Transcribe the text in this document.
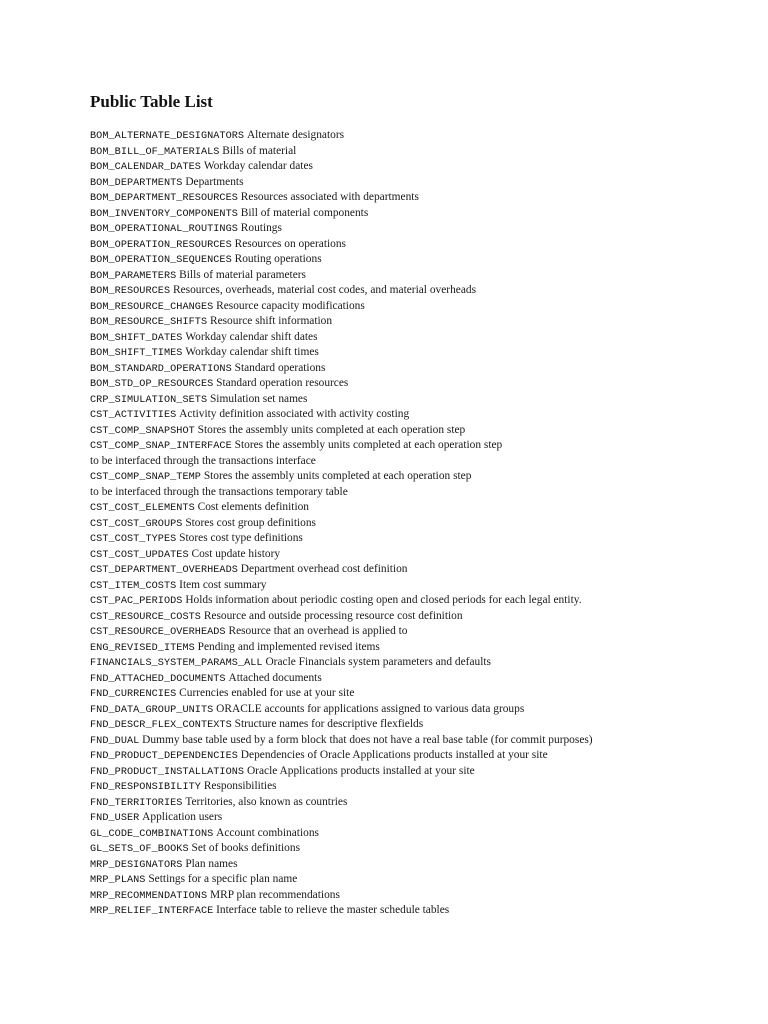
Public Table List
BOM_ALTERNATE_DESIGNATORS Alternate designators
BOM_BILL_OF_MATERIALS Bills of material
BOM_CALENDAR_DATES Workday calendar dates
BOM_DEPARTMENTS Departments
BOM_DEPARTMENT_RESOURCES Resources associated with departments
BOM_INVENTORY_COMPONENTS Bill of material components
BOM_OPERATIONAL_ROUTINGS Routings
BOM_OPERATION_RESOURCES Resources on operations
BOM_OPERATION_SEQUENCES Routing operations
BOM_PARAMETERS Bills of material parameters
BOM_RESOURCES Resources, overheads, material cost codes, and material overheads
BOM_RESOURCE_CHANGES Resource capacity modifications
BOM_RESOURCE_SHIFTS Resource shift information
BOM_SHIFT_DATES Workday calendar shift dates
BOM_SHIFT_TIMES Workday calendar shift times
BOM_STANDARD_OPERATIONS Standard operations
BOM_STD_OP_RESOURCES Standard operation resources
CRP_SIMULATION_SETS Simulation set names
CST_ACTIVITIES Activity definition associated with activity costing
CST_COMP_SNAPSHOT Stores the assembly units completed at each operation step
CST_COMP_SNAP_INTERFACE Stores the assembly units completed at each operation step
to be interfaced through the transactions interface
CST_COMP_SNAP_TEMP Stores the assembly units completed at each operation step
to be interfaced through the transactions temporary table
CST_COST_ELEMENTS Cost elements definition
CST_COST_GROUPS Stores cost group definitions
CST_COST_TYPES Stores cost type definitions
CST_COST_UPDATES Cost update history
CST_DEPARTMENT_OVERHEADS Department overhead cost definition
CST_ITEM_COSTS Item cost summary
CST_PAC_PERIODS Holds information about periodic costing open and closed periods for each legal entity.
CST_RESOURCE_COSTS Resource and outside processing resource cost definition
CST_RESOURCE_OVERHEADS Resource that an overhead is applied to
ENG_REVISED_ITEMS Pending and implemented revised items
FINANCIALS_SYSTEM_PARAMS_ALL Oracle Financials system parameters and defaults
FND_ATTACHED_DOCUMENTS Attached documents
FND_CURRENCIES Currencies enabled for use at your site
FND_DATA_GROUP_UNITS ORACLE accounts for applications assigned to various data groups
FND_DESCR_FLEX_CONTEXTS Structure names for descriptive flexfields
FND_DUAL Dummy base table used by a form block that does not have a real base table (for commit purposes)
FND_PRODUCT_DEPENDENCIES Dependencies of Oracle Applications products installed at your site
FND_PRODUCT_INSTALLATIONS Oracle Applications products installed at your site
FND_RESPONSIBILITY Responsibilities
FND_TERRITORIES Territories, also known as countries
FND_USER Application users
GL_CODE_COMBINATIONS Account combinations
GL_SETS_OF_BOOKS Set of books definitions
MRP_DESIGNATORS Plan names
MRP_PLANS Settings for a specific plan name
MRP_RECOMMENDATIONS MRP plan recommendations
MRP_RELIEF_INTERFACE Interface table to relieve the master schedule tables
